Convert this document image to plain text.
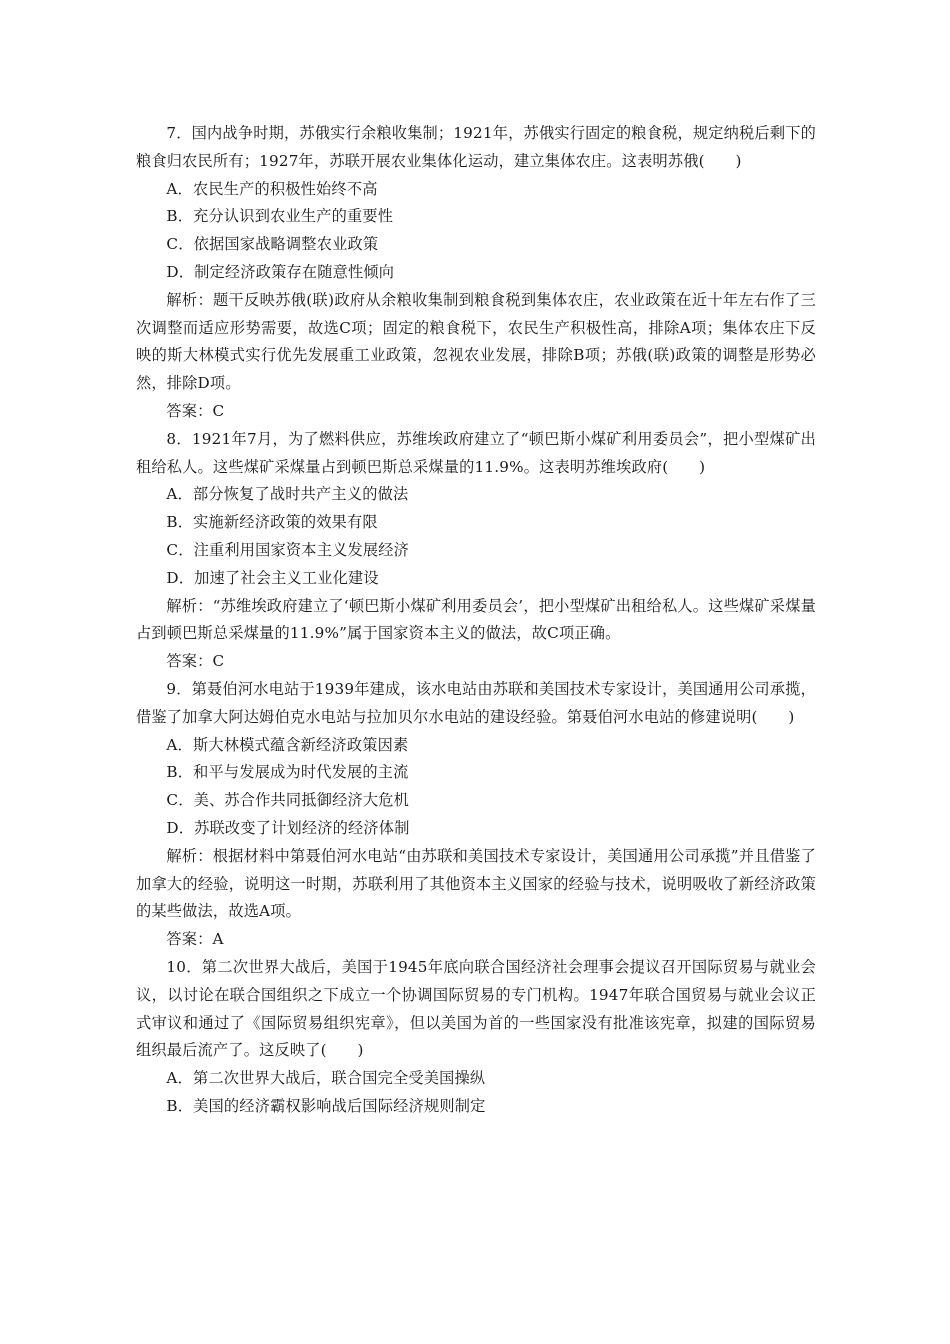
7．国内战争时期，苏俄实行余粮收集制；1921年，苏俄实行固定的粮食税，规定纳税后剩下的粮食归农民所有；1927年，苏联开展农业集体化运动，建立集体农庄。这表明苏俄(　　)

A．农民生产的积极性始终不高

B．充分认识到农业生产的重要性

C．依据国家战略调整农业政策

D．制定经济政策存在随意性倾向

解析：题干反映苏俄(联)政府从余粮收集制到粮食税到集体农庄，农业政策在近十年左右作了三次调整而适应形势需要，故选C项；固定的粮食税下，农民生产积极性高，排除A项；集体农庄下反映的斯大林模式实行优先发展重工业政策，忽视农业发展，排除B项；苏俄(联)政策的调整是形势必然，排除D项。

答案：C

8．1921年7月，为了燃料供应，苏维埃政府建立了“顿巴斯小煤矿利用委员会”，把小型煤矿出租给私人。这些煤矿采煤量占到顿巴斯总采煤量的11.9%。这表明苏维埃政府(　　)

A．部分恢复了战时共产主义的做法

B．实施新经济政策的效果有限

C．注重利用国家资本主义发展经济

D．加速了社会主义工业化建设

解析：“苏维埃政府建立了‘顿巴斯小煤矿利用委员会’，把小型煤矿出租给私人。这些煤矿采煤量占到顿巴斯总采煤量的11.9%”属于国家资本主义的做法，故C项正确。

答案：C

9．第聂伯河水电站于1939年建成，该水电站由苏联和美国技术专家设计，美国通用公司承揽，借鉴了加拿大阿达姆伯克水电站与拉加贝尔水电站的建设经验。第聂伯河水电站的修建说明(　　)

A．斯大林模式蕴含新经济政策因素

B．和平与发展成为时代发展的主流

C．美、苏合作共同抵御经济大危机

D．苏联改变了计划经济的经济体制

解析：根据材料中第聂伯河水电站“由苏联和美国技术专家设计，美国通用公司承揽”并且借鉴了加拿大的经验，说明这一时期，苏联利用了其他资本主义国家的经验与技术，说明吸收了新经济政策的某些做法，故选A项。

答案：A

10．第二次世界大战后，美国于1945年底向联合国经济社会理事会提议召开国际贸易与就业会议，以讨论在联合国组织之下成立一个协调国际贸易的专门机构。1947年联合国贸易与就业会议正式审议和通过了《国际贸易组织宪章》，但以美国为首的一些国家没有批准该宪章，拟建的国际贸易组织最后流产了。这反映了(　　)

A．第二次世界大战后，联合国完全受美国操纵

B．美国的经济霸权影响战后国际经济规则制定
